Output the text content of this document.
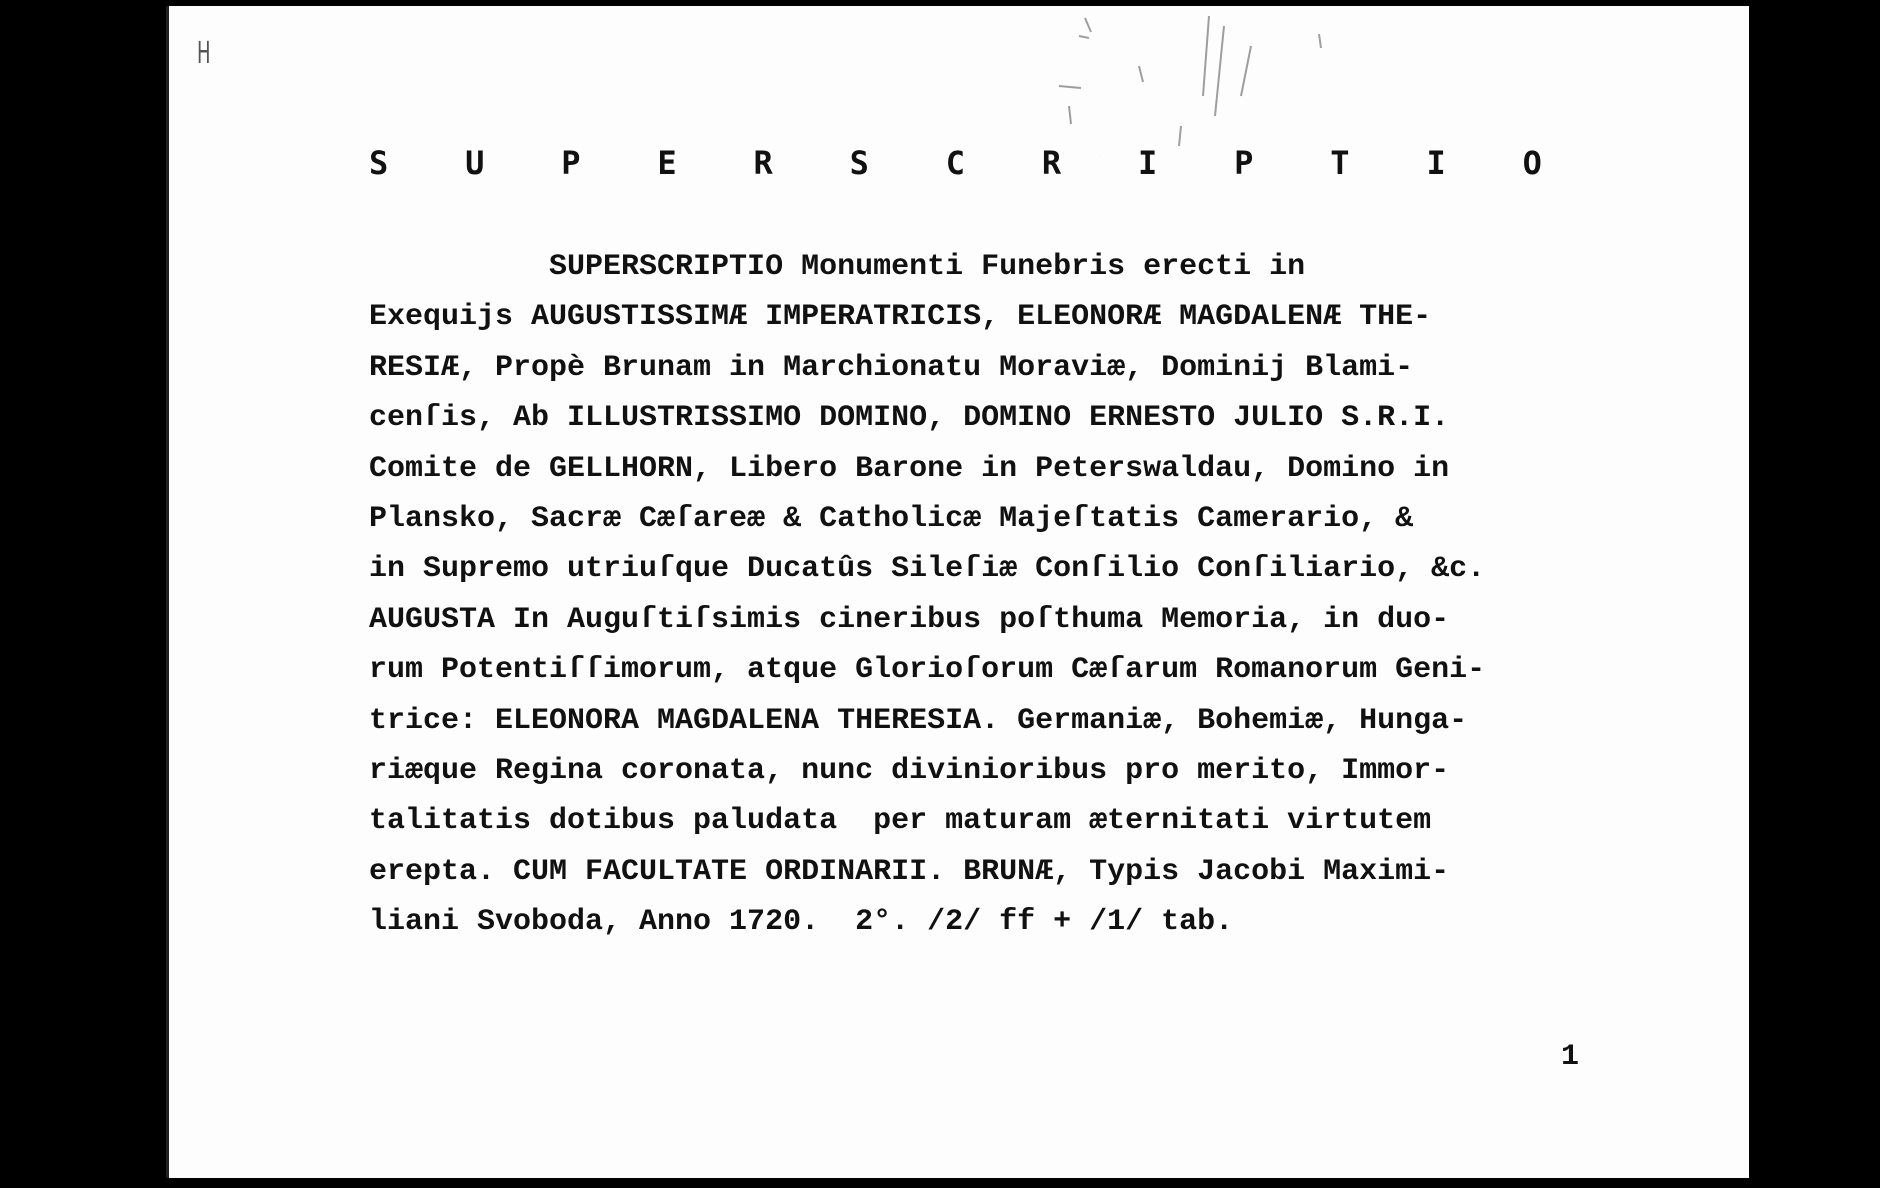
H
S U P E R S C R I P T I O
SUPERSCRIPTIO Monumenti Funebris erecti in
Exequijs AUGUSTISSIMÆ IMPERATRICIS, ELEONORÆ MAGDALENÆ THE-
RESIÆ, Propè Brunam in Marchionatu Moraviæ, Dominij Blami-
cenſis, Ab ILLUSTRISSIMO DOMINO, DOMINO ERNESTO JULIO S.R.I.
Comite de GELLHORN, Libero Barone in Peterswaldau, Domino in
Plansko, Sacræ Cæſareæ & Catholicæ Majeſtatis Camerario, &
in Supremo utriuſque Ducatûs Sileſiæ Conſilio Conſiliario, &c.
AUGUSTA In Auguſtiſsimis cineribus poſthuma Memoria, in duo-
rum Potentiſſimorum, atque Glorioſorum Cæſarum Romanorum Geni-
trice: ELEONORA MAGDALENA THERESIA. Germaniæ, Bohemiæ, Hunga-
riæque Regina coronata, nunc divinioribus pro merito, Immor-
talitatis dotibus paludata  per maturam æternitati virtutem
erepta. CUM FACULTATE ORDINARII. BRUNÆ, Typis Jacobi Maximi-
liani Svoboda, Anno 1720.  2°. /2/ ff + /1/ tab.
1
